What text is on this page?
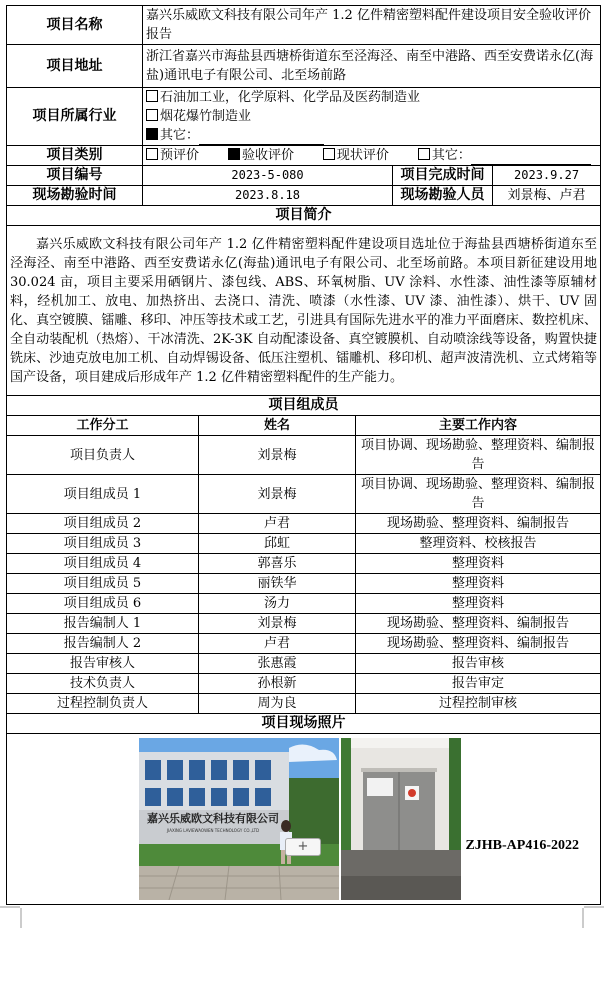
项目名称	嘉兴乐威欧文科技有限公司年产 1.2 亿件精密塑料配件建设项目安全验收评价报告				
项目地址	浙江省嘉兴市海盐县西塘桥街道东至泾海泾、南至中港路、西至安费诺永亿(海盐)通讯电子有限公司、北至场前路				
项目所属行业	石油加工业，化学原料、化学品及医药制造业
烟花爆竹制造业
其它：				

项目类别	预评价 验收评价 现状评价 其它：				
项目编号	2023-5-080			项目完成时间	2023.9.27
现场勘验时间	2023.8.18			现场勘验人员	刘景梅、卢君
项目简介					
嘉兴乐威欧文科技有限公司年产 1.2 亿件精密塑料配件建设项目选址位于海盐县西塘桥街道东至泾海泾、南至中港路、西至安费诺永亿(海盐)通讯电子有限公司、北至场前路。本项目新征建设用地 30.024 亩，项目主要采用硒钢片、漆包线、ABS、环氧树脂、UV 涂料、水性漆、油性漆等原辅材料，经机加工、放电、加热挤出、去浇口、清洗、喷漆（水性漆、UV 漆、油性漆）、烘干、UV 固化、真空镀膜、镭雕、移印、冲压等技术或工艺，引进具有国际先进水平的准力平面磨床、数控机床、全自动装配机（热熔）、干冰清洗、2K-3K 自动配漆设备、真空镀膜机、自动喷涂线等设备，购置快捷铣床、沙迪克放电加工机、自动焊锡设备、低压注塑机、镭雕机、移印机、超声波清洗机、立式烤箱等国产设备，项目建成后形成年产 1.2 亿件精密塑料配件的生产能力。					
项目组成员					
工作分工		姓名	主要工作内容		
项目负责人		刘景梅	项目协调、现场勘验、整理资料、编制报告		
项目组成员 1		刘景梅	项目协调、现场勘验、整理资料、编制报告		
项目组成员 2		卢君	现场勘验、整理资料、编制报告		
项目组成员 3		邱虹	整理资料、校核报告		
项目组成员 4		郭喜乐	整理资料		
项目组成员 5		丽铁华	整理资料		
项目组成员 6		汤力	整理资料		
报告编制人 1		刘景梅	现场勘验、整理资料、编制报告		
报告编制人 2		卢君	现场勘验、整理资料、编制报告		
报告审核人		张惠霞	报告审核		
技术负责人		孙根新	报告审定		
过程控制负责人		周为良	过程控制审核		
项目现场照片					

嘉兴乐威欧文科技有限公司
JIAXING LAVIEWAOWEN TECHNOLOGY CO.,LTD					
+	ZJHB-AP416-2022
